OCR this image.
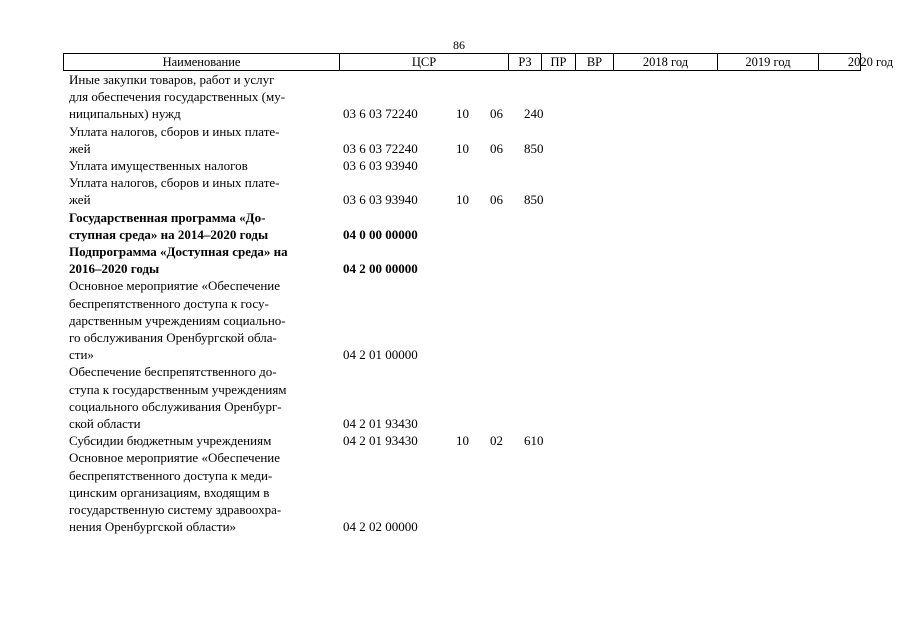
86
Наименование	ЦСР	РЗ	ПР	ВР	2018 год	2019 год	2020 год
Иные закупки товаров, работ и услуг
для обеспечения государственных (му-
ниципальных) нужд	03 6 03 72240	10 06 240
Уплата налогов, сборов и иных плате-
жей	03 6 03 72240	10 06 850
Уплата имущественных налогов	03 6 03 93940
Уплата налогов, сборов и иных плате-
жей	03 6 03 93940	10 06 850
Государственная программа «До-
ступная среда» на 2014–2020 годы	04 0 00 00000
Подпрограмма «Доступная среда» на
2016–2020 годы	04 2 00 00000
Основное мероприятие «Обеспечение
беспрепятственного доступа к госу-
дарственным учреждениям социально-
го обслуживания Оренбургской обла-
сти»	04 2 01 00000
Обеспечение беспрепятственного до-
ступа к государственным учреждениям
социального обслуживания Оренбург-
ской области	04 2 01 93430
Субсидии бюджетным учреждениям	04 2 01 93430	10 02 610
Основное мероприятие «Обеспечение
беспрепятственного доступа к меди-
цинским организациям, входящим в
государственную систему здравоохра-
нения Оренбургской области»	04 2 02 00000
